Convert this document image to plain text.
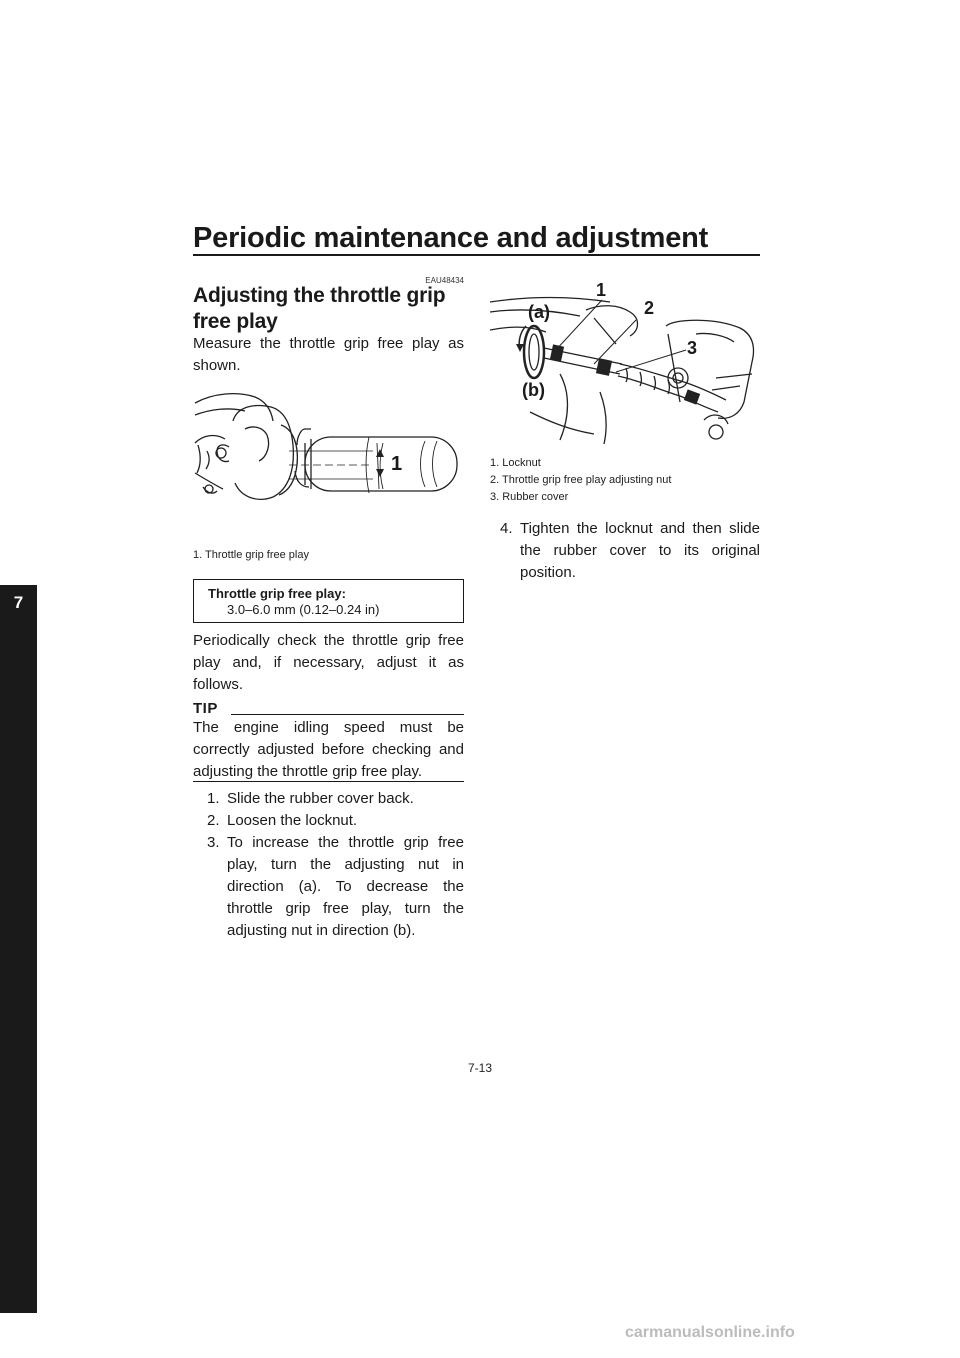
Periodic maintenance and adjustment
7
EAU48434
Adjusting the throttle grip free play

Measure the throttle grip free play as shown.

1
1. Throttle grip free play
Throttle grip free play:
3.0–6.0 mm (0.12–0.24 in)

Periodically check the throttle grip free play and, if necessary, adjust it as follows.

TIP

The engine idling speed must be correctly adjusted before checking and adjusting the throttle grip free play.

1. Slide the rubber cover back.
2. Loosen the locknut.
3. To increase the throttle grip free play, turn the adjusting nut in direction (a). To decrease the throttle grip free play, turn the adjusting nut in direction (b).
(a)
(b)
1
2
3
1. Locknut
2. Throttle grip free play adjusting nut
3. Rubber cover
4. Tighten the locknut and then slide the rubber cover to its original position.
7-13
carmanualsonline.info
